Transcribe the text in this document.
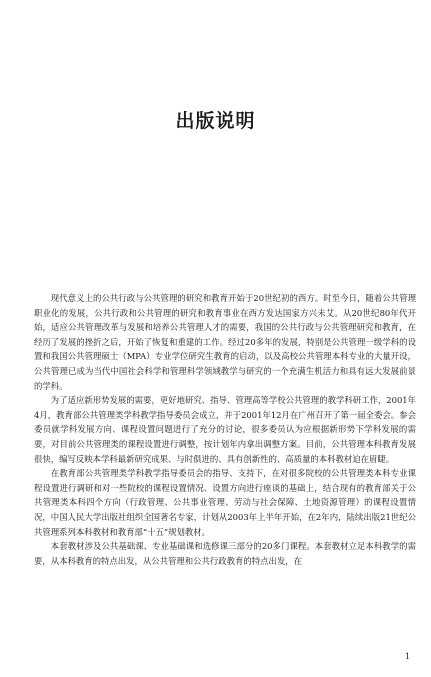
出版说明

现代意义上的公共行政与公共管理的研究和教育开始于20世纪初的西方。时至今日，随着公共管理职业化的发展，公共行政和公共管理的研究和教育事业在西方发达国家方兴未艾。从20世纪80年代开始，适应公共管理改革与发展和培养公共管理人才的需要，我国的公共行政与公共管理研究和教育，在经历了发展的挫折之后，开始了恢复和重建的工作。经过20多年的发展，特别是公共管理一级学科的设置和我国公共管理硕士（MPA）专业学位研究生教育的启动，以及高校公共管理本科专业的大量开设，公共管理已成为当代中国社会科学和管理科学领域教学与研究的一个充满生机活力和具有远大发展前景的学科。

为了适应新形势发展的需要，更好地研究、指导、管理高等学校公共管理的教学科研工作，2001年4月，教育部公共管理类学科教学指导委员会成立，并于2001年12月在广州召开了第一届全委会。参会委员就学科发展方向、课程设置问题进行了充分的讨论，很多委员认为应根据新形势下学科发展的需要，对目前公共管理类的课程设置进行调整，按计划年内拿出调整方案。目前，公共管理本科教育发展很快，编写反映本学科最新研究成果、与时俱进的、具有创新性的、高质量的本科教材迫在眉睫。

在教育部公共管理类学科教学指导委员会的指导、支持下，在对很多院校的公共管理类本科专业课程设置进行调研和对一些院校的课程设置情况、设置方向进行座谈的基础上，结合现有的教育部关于公共管理类本科四个方向（行政管理、公共事业管理、劳动与社会保障、土地资源管理）的课程设置情况，中国人民大学出版社组织全国著名专家，计划从2003年上半年开始，在2年内，陆续出版21世纪公共管理系列本科教材和教育部“十五”规划教材。

本套教材涉及公共基础课、专业基础课和选修课三部分的20多门课程。本套教材立足本科教学的需要，从本科教育的特点出发，从公共管理和公共行政教育的特点出发，在

1
